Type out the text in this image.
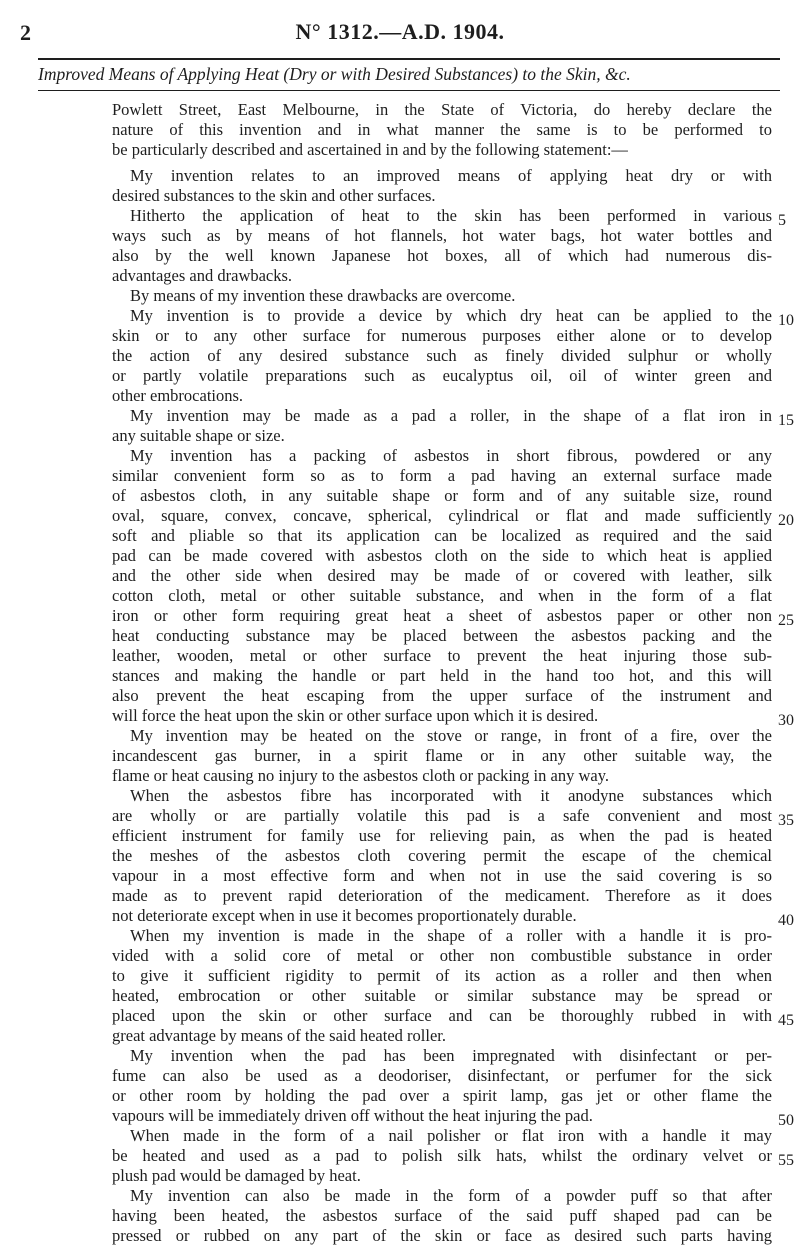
2	N° 1312.—A.D. 1904.
Improved Means of Applying Heat (Dry or with Desired Substances) to the Skin, &c.
Powlett Street, East Melbourne, in the State of Victoria, do hereby declare the
nature of this invention and in what manner the same is to be performed to
be particularly described and ascertained in and by the following statement:—
My invention relates to an improved means of applying heat dry or with
desired substances to the skin and other surfaces.
Hitherto the application of heat to the skin has been performed in various
ways such as by means of hot flannels, hot water bags, hot water bottles and
also by the well known Japanese hot boxes, all of which had numerous dis-
advantages and drawbacks.
By means of my invention these drawbacks are overcome.
My invention is to provide a device by which dry heat can be applied to the
skin or to any other surface for numerous purposes either alone or to develop
the action of any desired substance such as finely divided sulphur or wholly
or partly volatile preparations such as eucalyptus oil, oil of winter green and
other embrocations.
My invention may be made as a pad a roller, in the shape of a flat iron in
any suitable shape or size.
My invention has a packing of asbestos in short fibrous, powdered or any
similar convenient form so as to form a pad having an external surface made
of asbestos cloth, in any suitable shape or form and of any suitable size, round
oval, square, convex, concave, spherical, cylindrical or flat and made sufficiently
soft and pliable so that its application can be localized as required and the said
pad can be made covered with asbestos cloth on the side to which heat is applied
and the other side when desired may be made of or covered with leather, silk
cotton cloth, metal or other suitable substance, and when in the form of a flat
iron or other form requiring great heat a sheet of asbestos paper or other non
heat conducting substance may be placed between the asbestos packing and the
leather, wooden, metal or other surface to prevent the heat injuring those sub-
stances and making the handle or part held in the hand too hot, and this will
also prevent the heat escaping from the upper surface of the instrument and
will force the heat upon the skin or other surface upon which it is desired.
My invention may be heated on the stove or range, in front of a fire, over the
incandescent gas burner, in a spirit flame or in any other suitable way, the
flame or heat causing no injury to the asbestos cloth or packing in any way.
When the asbestos fibre has incorporated with it anodyne substances which
are wholly or are partially volatile this pad is a safe convenient and most
efficient instrument for family use for relieving pain, as when the pad is heated
the meshes of the asbestos cloth covering permit the escape of the chemical
vapour in a most effective form and when not in use the said covering is so
made as to prevent rapid deterioration of the medicament. Therefore as it does
not deteriorate except when in use it becomes proportionately durable.
When my invention is made in the shape of a roller with a handle it is pro-
vided with a solid core of metal or other non combustible substance in order
to give it sufficient rigidity to permit of its action as a roller and then when
heated, embrocation or other suitable or similar substance may be spread or
placed upon the skin or other surface and can be thoroughly rubbed in with
great advantage by means of the said heated roller.
My invention when the pad has been impregnated with disinfectant or per-
fume can also be used as a deodoriser, disinfectant, or perfumer for the sick
or other room by holding the pad over a spirit lamp, gas jet or other flame the
vapours will be immediately driven off without the heat injuring the pad.
When made in the form of a nail polisher or flat iron with a handle it may
be heated and used as a pad to polish silk hats, whilst the ordinary velvet or
plush pad would be damaged by heat.
My invention can also be made in the form of a powder puff so that after
having been heated, the asbestos surface of the said puff shaped pad can be
pressed or rubbed on any part of the skin or face as desired such parts having
5
10
15
20
25
30
35
40
45
50
55
